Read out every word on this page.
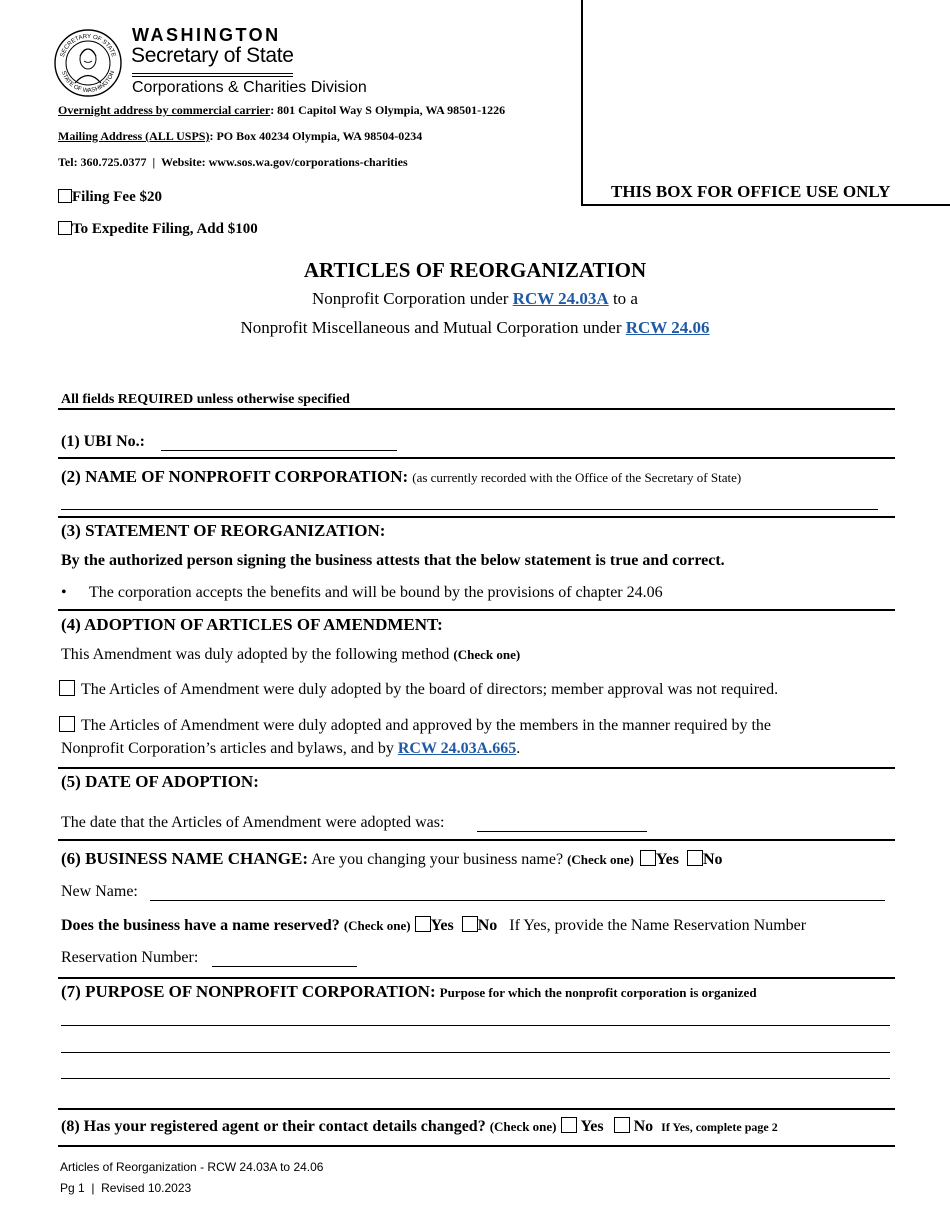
SECRETARY OF STATE
STATE OF WASHINGTON
WASHINGTON
Secretary of State
Corporations & Charities Division
Overnight address by commercial carrier: 801 Capitol Way S Olympia, WA 98501-1226
Mailing Address (ALL USPS): PO Box 40234 Olympia, WA 98504-0234
Tel: 360.725.0377  |  Website: www.sos.wa.gov/corporations-charities
THIS BOX FOR OFFICE USE ONLY
Filing Fee $20
To Expedite Filing, Add $100
ARTICLES OF REORGANIZATION
Nonprofit Corporation under RCW 24.03A to a
Nonprofit Miscellaneous and Mutual Corporation under RCW 24.06
All fields REQUIRED unless otherwise specified
(1) UBI No.:
(2) NAME OF NONPROFIT CORPORATION: (as currently recorded with the Office of the Secretary of State)
(3) STATEMENT OF REORGANIZATION:
By the authorized person signing the business attests that the below statement is true and correct.
• The corporation accepts the benefits and will be bound by the provisions of chapter 24.06
(4) ADOPTION OF ARTICLES OF AMENDMENT:
This Amendment was duly adopted by the following method (Check one)
The Articles of Amendment were duly adopted by the board of directors; member approval was not required.
The Articles of Amendment were duly adopted and approved by the members in the manner required by the
Nonprofit Corporation’s articles and bylaws, and by RCW 24.03A.665.
(5) DATE OF ADOPTION:
The date that the Articles of Amendment were adopted was:
(6) BUSINESS NAME CHANGE: Are you changing your business name? (Check one) Yes No
New Name:
Does the business have a name reserved? (Check one) Yes No If Yes, provide the Name Reservation Number
Reservation Number:
(7) PURPOSE OF NONPROFIT CORPORATION: Purpose for which the nonprofit corporation is organized
(8) Has your registered agent or their contact details changed? (Check one) Yes No If Yes, complete page 2
Articles of Reorganization - RCW 24.03A to 24.06
Pg 1  |  Revised 10.2023
